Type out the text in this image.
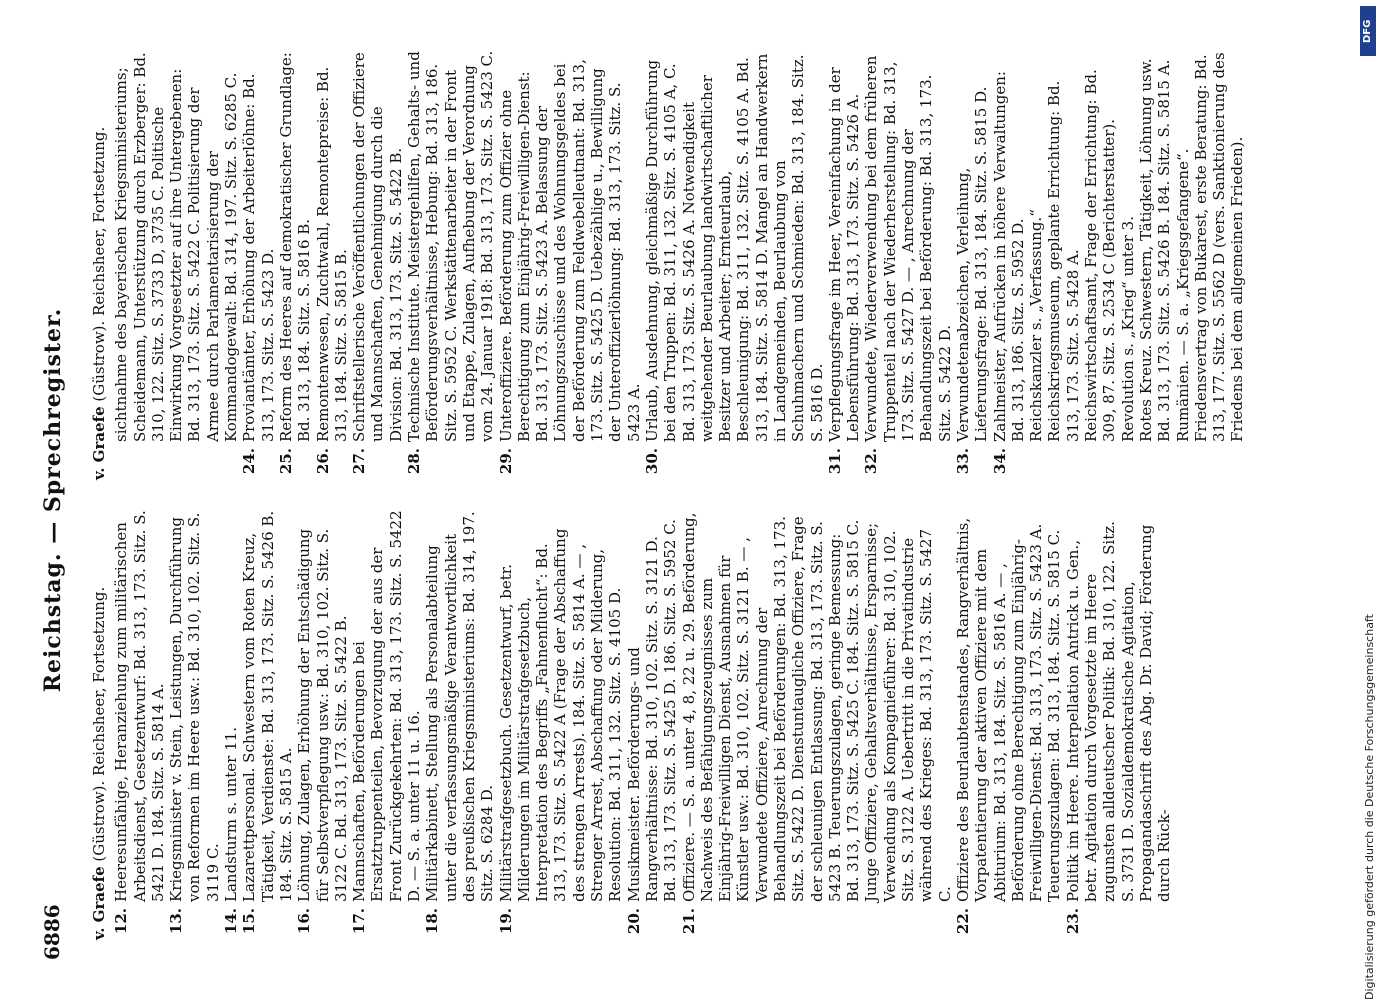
6886
Reichstag. — Sprechregister.
v. Graefe (Güstrow). Reichsheer, Fortsetzung.
12.
Heeresunfähige, Heranziehung zum militärischen Arbeitsdienst, Gesetzentwurf: Bd. 313, 173. Sitz. S. 5421 D. 184. Sitz. S. 5814 A.
13.
Kriegsminister v. Stein, Leistungen, Durchführung von Reformen im Heere usw.: Bd. 310, 102. Sitz. S. 3119 C.
14.
Landsturm s. unter 11.
15.
Lazarettpersonal. Schwestern vom Roten Kreuz, Tätigkeit, Verdienste: Bd. 313, 173. Sitz. S. 5426 B. 184. Sitz. S. 5815 A.
16.
Löhnung, Zulagen, Erhöhung der Entschädigung für Selbstverpflegung usw.: Bd. 310, 102. Sitz. S. 3122 C. Bd. 313, 173. Sitz. S. 5422 B.
17.
Mannschaften, Beförderungen bei Ersatztruppenteilen, Bevorzugung der aus der Front Zurückgekehrten: Bd. 313, 173. Sitz. S. 5422 D. — S. a. unter 11 u. 16.
18.
Militärkabinett, Stellung als Personalabteilung unter die verfassungsmäßige Verantwortlichkeit des preußischen Kriegsministeriums: Bd. 314, 197. Sitz. S. 6284 D.
19.
Militärstrafgesetzbuch. Gesetzentwurf, betr. Milderungen im Militärstrafgesetzbuch, Interpretation des Begriffs „Fahnenflucht“: Bd. 313, 173. Sitz. S. 5422 A (Frage der Abschaffung des strengen Arrests). 184. Sitz. S. 5814 A. — , Strenger Arrest, Abschaffung oder Milderung, Resolution: Bd. 311, 132. Sitz. S. 4105 D.
20.
Musikmeister. Beförderungs- und Rangverhältnisse: Bd. 310, 102. Sitz. S. 3121 D. Bd. 313, 173. Sitz. S. 5425 D. 186. Sitz. S. 5952 C.
21.
Offiziere. — S. a. unter 4, 8, 22 u. 29. Beförderung, Nachweis des Befähigungszeugnisses zum Einjährig-Freiwilligen Dienst, Ausnahmen für Künstler usw.: Bd. 310, 102. Sitz. S. 3121 B. — , Verwundete Offiziere, Anrechnung der Behandlungszeit bei Beförderungen: Bd. 313, 173. Sitz. S. 5422 D. Dienstuntaugliche Offiziere, Frage der schleunigen Entlassung: Bd. 313, 173. Sitz. S. 5423 B. Teuerungszulagen, geringe Bemessung: Bd. 313, 173. Sitz. S. 5425 C. 184. Sitz. S. 5815 C. Junge Offiziere, Gehaltsverhältnisse, Ersparnisse; Verwendung als Kompagnieführer: Bd. 310, 102. Sitz. S. 3122 A. Uebertritt in die Privatindustrie während des Krieges: Bd. 313, 173. Sitz. S. 5427 C.
22.
Offiziere des Beurlaubtenstandes, Rangverhältnis, Vorpatentierung der aktiven Offiziere mit dem Abiturium: Bd. 313, 184. Sitz. S. 5816 A. — , Beförderung ohne Berechtigung zum Einjährig-Freiwilligen-Dienst: Bd. 313, 173. Sitz. S. 5423 A. Teuerungszulagen: Bd. 313, 184. Sitz. S. 5815 C.
23.
Politik im Heere. Interpellation Antrick u. Gen., betr. Agitation durch Vorgesetzte im Heere zugunsten alldeutscher Politik: Bd. 310, 122. Sitz. S. 3731 D. Sozialdemokratische Agitation, Propagandaschrift des Abg. Dr. David; Förderung durch Rück-
v. Graefe (Güstrow). Reichsheer, Fortsetzung. sichtnahme des bayerischen Kriegsministeriums; Scheidemann, Unterstützung durch Erzberger: Bd. 310, 122. Sitz. S. 3733 D, 3735 C. Politische Einwirkung Vorgesetzter auf ihre Untergebenen: Bd. 313, 173. Sitz. S. 5422 C. Politisierung der Armee durch Parlamentarisierung der Kommandogewalt: Bd. 314, 197. Sitz. S. 6285 C.
24.
Proviantämter, Erhöhung der Arbeiterlöhne: Bd. 313, 173. Sitz. S. 5423 D.
25.
Reform des Heeres auf demokratischer Grundlage: Bd. 313, 184. Sitz. S. 5816 B.
26.
Remontenwesen, Zuchtwahl, Remontepreise: Bd. 313, 184. Sitz. S. 5815 B.
27.
Schriftstellerische Veröffentlichungen der Offiziere und Mannschaften, Genehmigung durch die Division: Bd. 313, 173. Sitz. S. 5422 B.
28.
Technische Institute. Meistergehilfen, Gehalts- und Beförderungsverhältnisse, Hebung: Bd. 313, 186. Sitz. S. 5952 C. Werkstättenarbeiter in der Front und Etappe, Zulagen, Aufhebung der Verordnung vom 24. Januar 1918: Bd. 313, 173. Sitz. S. 5423 C.
29.
Unteroffiziere. Beförderung zum Offizier ohne Berechtigung zum Einjährig-Freiwilligen-Dienst: Bd. 313, 173. Sitz. S. 5423 A. Belassung der Löhnungszuschüsse und des Wohnungsgeldes bei der Beförderung zum Feldwebelleutnant: Bd. 313, 173. Sitz. S. 5425 D. Uebezählige u., Bewilligung der Unteroffizierlöhnung: Bd. 313, 173. Sitz. S. 5423 A.
30.
Urlaub, Ausdehnung, gleichmäßige Durchführung bei den Truppen: Bd. 311, 132. Sitz. S. 4105 A, C. Bd. 313, 173. Sitz. S. 5426 A. Notwendigkeit weitgehender Beurlaubung landwirtschaftlicher Besitzer und Arbeiter; Ernteurlaub, Beschleunigung: Bd. 311, 132. Sitz. S. 4105 A. Bd. 313, 184. Sitz. S. 5814 D. Mangel an Handwerkern in Landgemeinden, Beurlaubung von Schuhmachern und Schmieden: Bd. 313, 184. Sitz. S. 5816 D.
31.
Verpflegungsfrage im Heer, Vereinfachung in der Lebensführung: Bd. 313, 173. Sitz. S. 5426 A.
32.
Verwundete, Wiederverwendung bei dem früheren Truppenteil nach der Wiederherstellung: Bd. 313, 173. Sitz. S. 5427 D. — , Anrechnung der Behandlungszeit bei Beförderung: Bd. 313, 173. Sitz. S. 5422 D.
33.
Verwundetenabzeichen, Verleihung, Lieferungsfrage: Bd. 313, 184. Sitz. S. 5815 D.
34.
Zahlmeister, Aufrücken in höhere Verwaltungen: Bd. 313, 186. Sitz. S. 5952 D. Reichskanzler s. „Verfassung.“ Reichskriegsmuseum, geplante Errichtung: Bd. 313, 173. Sitz. S. 5428 A. Reichswirtschaftsamt, Frage der Errichtung: Bd. 309, 87. Sitz. S. 2534 C (Berichterstatter). Revolution s. „Krieg“ unter 3. Rotes Kreuz. Schwestern, Tätigkeit, Löhnung usw. Bd. 313, 173. Sitz. S. 5426 B. 184. Sitz. S. 5815 A. Rumänien. — S. a. „Kriegsgefangene“. Friedensvertrag von Bukarest, erste Beratung: Bd. 313, 177. Sitz. S. 5562 D (vers. Sanktionierung des Friedens bei dem allgemeinen Frieden).
DFG
Digitalisierung gefördert durch die Deutsche Forschungsgemeinschaft
